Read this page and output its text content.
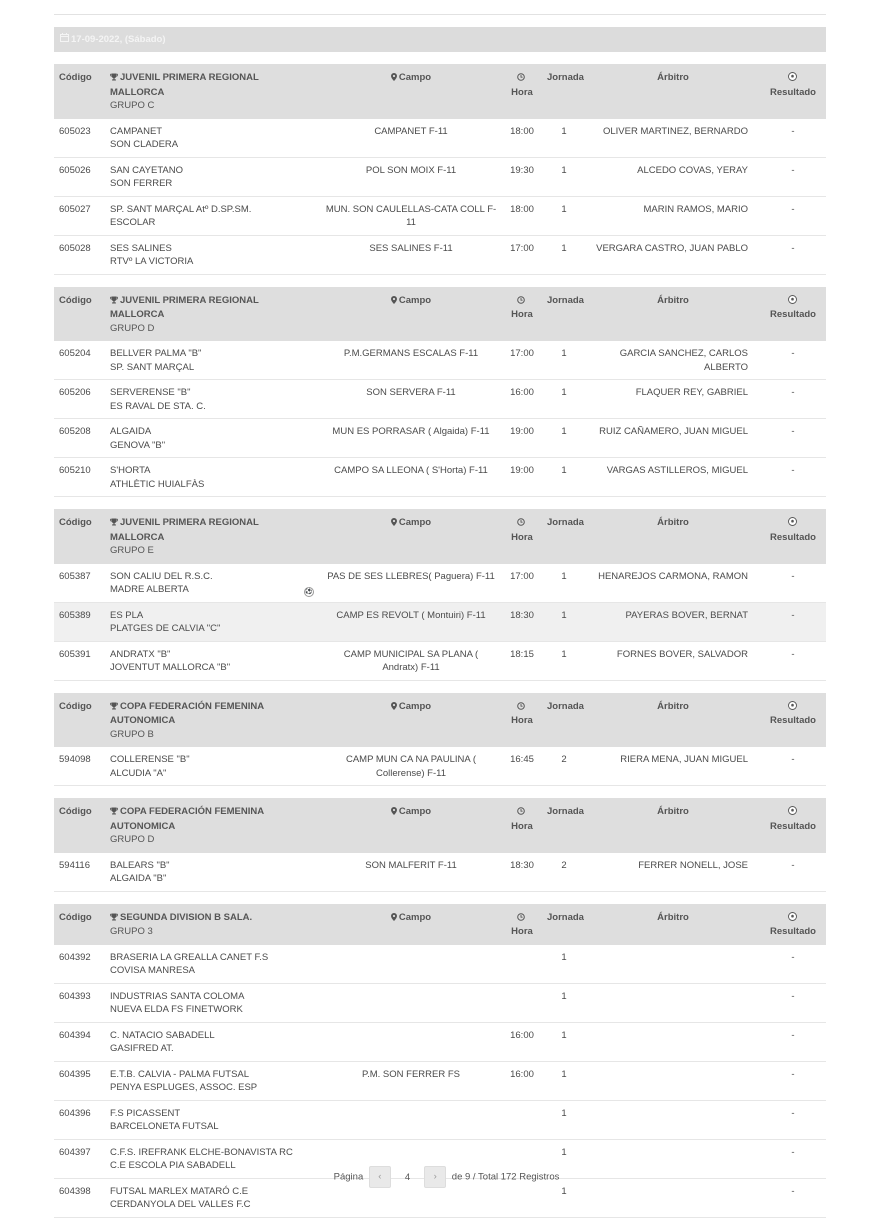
17-09-2022, (Sábado)
Código	JUVENIL PRIMERA REGIONAL MALLORCA
GRUPO C	Campo	Hora	Jornada	Árbitro	Resultado
605023	CAMPANET
SON CLADERA	CAMPANET F-11	18:00	1	OLIVER MARTINEZ, BERNARDO	-
605026	SAN CAYETANO
SON FERRER	POL SON MOIX F-11	19:30	1	ALCEDO COVAS, YERAY	-
605027	SP. SANT MARÇAL Atº D.SP.SM.
ESCOLAR	MUN. SON CAULELLAS-CATA COLL F-11	18:00	1	MARIN RAMOS, MARIO	-
605028	SES SALINES
RTVº LA VICTORIA	SES SALINES F-11	17:00	1	VERGARA CASTRO, JUAN PABLO	-
Código	JUVENIL PRIMERA REGIONAL MALLORCA
GRUPO D	Campo	Hora	Jornada	Árbitro	Resultado
605204	BELLVER PALMA "B"
SP. SANT MARÇAL	P.M.GERMANS ESCALAS F-11	17:00	1	GARCIA SANCHEZ, CARLOS ALBERTO	-
605206	SERVERENSE "B"
ES RAVAL DE STA. C.	SON SERVERA F-11	16:00	1	FLAQUER REY, GABRIEL	-
605208	ALGAIDA
GENOVA "B"	MUN ES PORRASAR ( Algaida) F-11	19:00	1	RUIZ CAÑAMERO, JUAN MIGUEL	-
605210	S'HORTA
ATHLÈTIC HUIALFÀS	CAMPO SA LLEONA ( S'Horta) F-11	19:00	1	VARGAS ASTILLEROS, MIGUEL	-
Código	JUVENIL PRIMERA REGIONAL MALLORCA
GRUPO E	Campo	Hora	Jornada	Árbitro	Resultado
605387	SON CALIU DEL R.S.C.
MADRE ALBERTA ⚽	PAS DE SES LLEBRES( Paguera) F-11	17:00	1	HENAREJOS CARMONA, RAMON	-
605389	ES PLA
PLATGES DE CALVIA "C"	CAMP ES REVOLT ( Montuiri) F-11	18:30	1	PAYERAS BOVER, BERNAT	-
605391	ANDRATX "B"
JOVENTUT MALLORCA "B"	CAMP MUNICIPAL SA PLANA ( Andratx) F-11	18:15	1	FORNES BOVER, SALVADOR	-
Código	COPA FEDERACIÓN FEMENINA
AUTONOMICA
GRUPO B	Campo	Hora	Jornada	Árbitro	Resultado
594098	COLLERENSE "B"
ALCUDIA "A"	CAMP MUN CA NA PAULINA ( Collerense) F-11	16:45	2	RIERA MENA, JUAN MIGUEL	-
Código	COPA FEDERACIÓN FEMENINA
AUTONOMICA
GRUPO D	Campo	Hora	Jornada	Árbitro	Resultado
594116	BALEARS "B"
ALGAIDA "B"	SON MALFERIT F-11	18:30	2	FERRER NONELL, JOSE	-
Código	SEGUNDA DIVISION B SALA.
GRUPO 3	Campo	Hora	Jornada	Árbitro	Resultado
604392	BRASERIA LA GREALLA CANET F.S
COVISA MANRESA			1		-
604393	INDUSTRIAS SANTA COLOMA
NUEVA ELDA FS FINETWORK			1		-
604394	C. NATACIO SABADELL
GASIFRED AT.		16:00	1		-
604395	E.T.B. CALVIA - PALMA FUTSAL
PENYA ESPLUGES, ASSOC. ESP	P.M. SON FERRER FS	16:00	1		-
604396	F.S PICASSENT
BARCELONETA FUTSAL			1		-
604397	C.F.S. IREFRANK ELCHE-BONAVISTA RC
C.E ESCOLA PIA SABADELL			1		-
604398	FUTSAL MARLEX MATARÓ C.E
CERDANYOLA DEL VALLES F.C			1		-
Página ‹ 4 › de 9 / Total 172 Registros
